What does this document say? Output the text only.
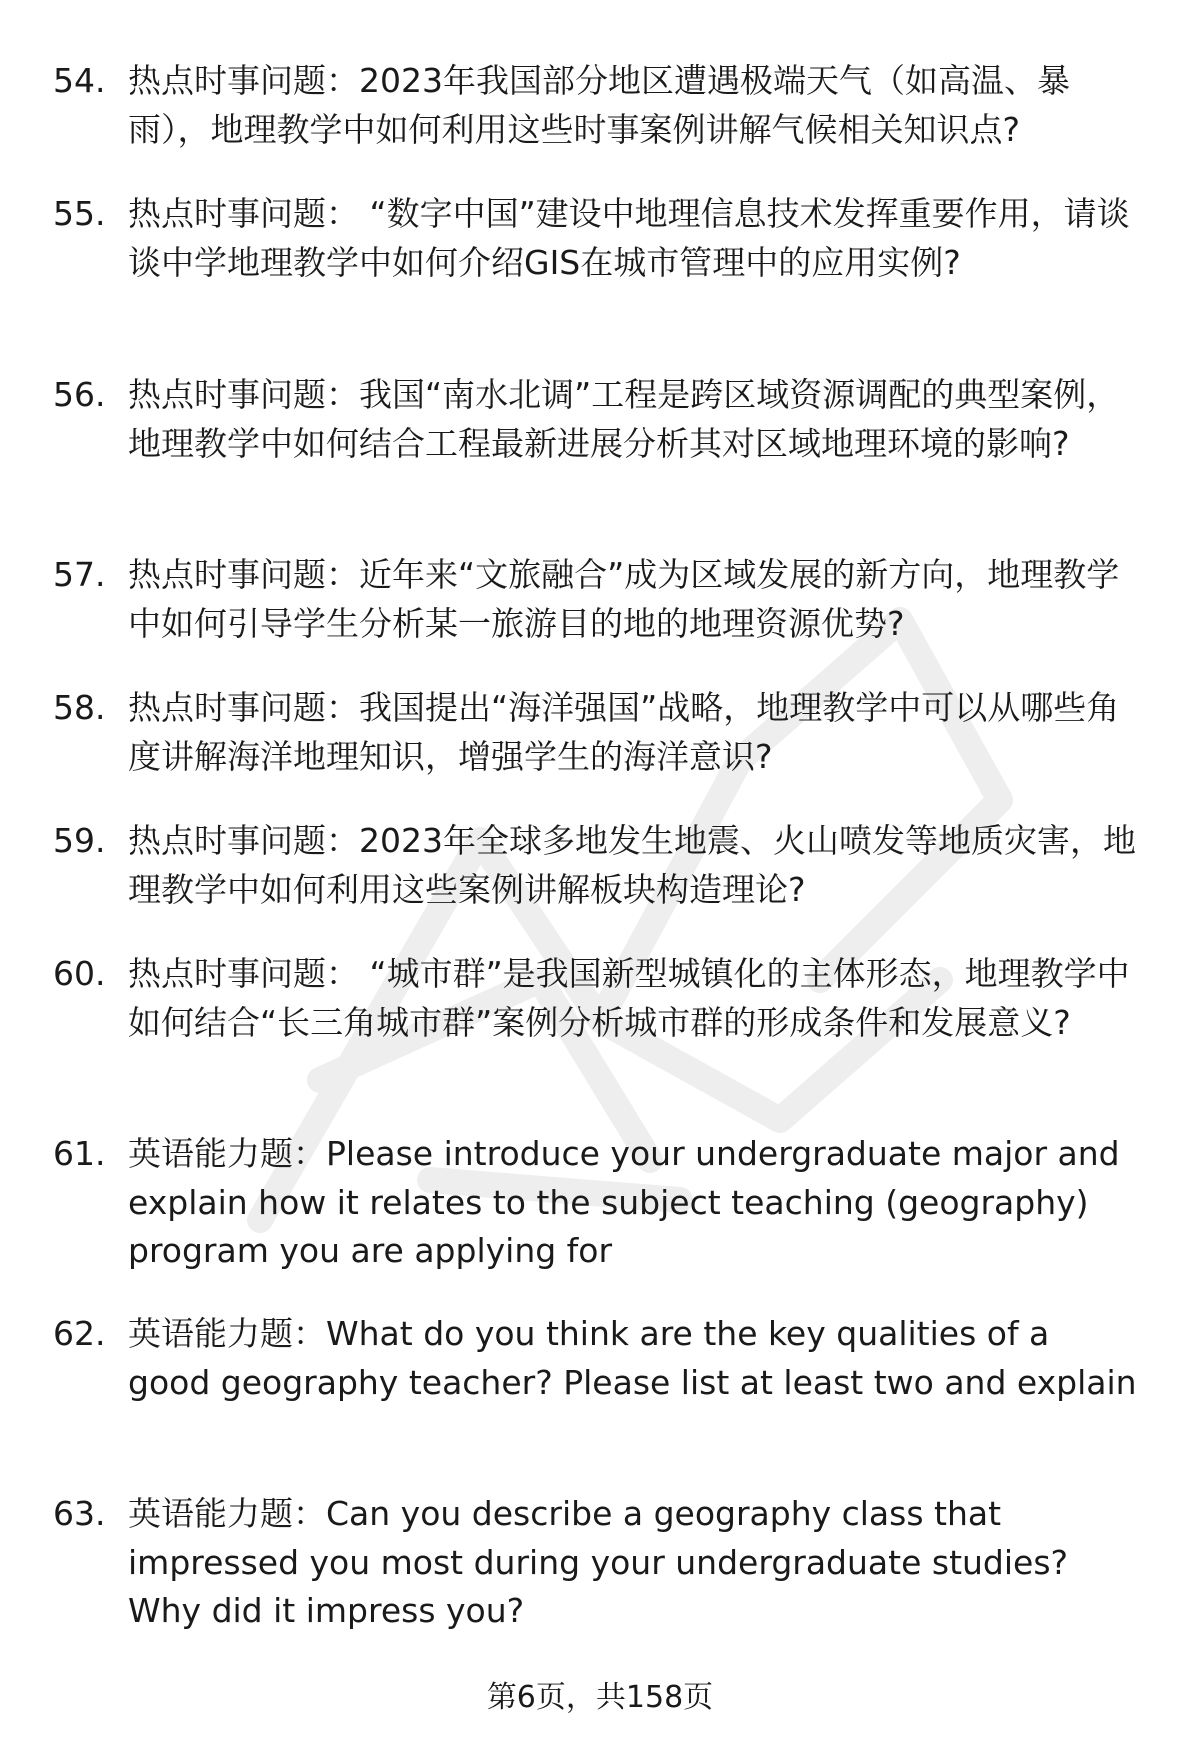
54. 热点时事问题：2023年我国部分地区遭遇极端天气（如高温、暴雨），地理教学中如何利用这些时事案例讲解气候相关知识点?
55. 热点时事问题： “数字中国”建设中地理信息技术发挥重要作用，请谈谈中学地理教学中如何介绍GIS在城市管理中的应用实例?
56. 热点时事问题：我国“南水北调”工程是跨区域资源调配的典型案例，地理教学中如何结合工程最新进展分析其对区域地理环境的影响?
57. 热点时事问题：近年来“文旅融合”成为区域发展的新方向，地理教学中如何引导学生分析某一旅游目的地的地理资源优势?
58. 热点时事问题：我国提出“海洋强国”战略，地理教学中可以从哪些角度讲解海洋地理知识，增强学生的海洋意识?
59. 热点时事问题：2023年全球多地发生地震、火山喷发等地质灾害，地理教学中如何利用这些案例讲解板块构造理论?
60. 热点时事问题： “城市群”是我国新型城镇化的主体形态，地理教学中如何结合“长三角城市群”案例分析城市群的形成条件和发展意义?
61. 英语能力题：Please introduce your undergraduate major and explain how it relates to the subject teaching (geography) program you are applying for
62. 英语能力题：What do you think are the key qualities of a good geography teacher? Please list at least two and explain
63. 英语能力题：Can you describe a geography class that impressed you most during your undergraduate studies? Why did it impress you?
第6页，共158页
